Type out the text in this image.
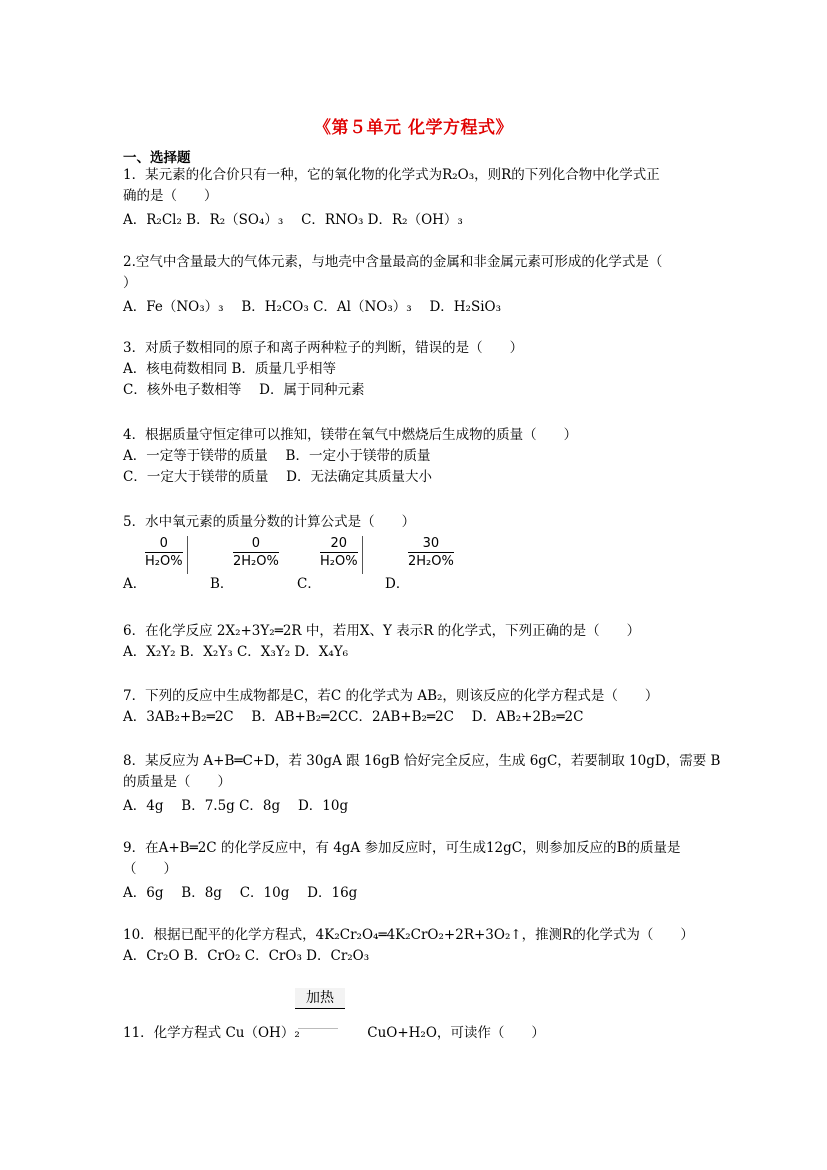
《第５单元 化学方程式》
一、选择题
1．某元素的化合价只有一种，它的氧化物的化学式为R₂O₃，则R的下列化合物中化学式正
确的是（　　）
A．R₂Cl₂ B．R₂（SO₄）₃　 C．RNO₃ D．R₂（OH）₃
2.空气中含量最大的气体元素，与地壳中含量最高的金属和非金属元素可形成的化学式是（
）
A．Fe（NO₃）₃　 B．H₂CO₃ C．Al（NO₃）₃　 D．H₂SiO₃
3．对质子数相同的原子和离子两种粒子的判断，错误的是（　　）
A．核电荷数相同 B．质量几乎相等
C．核外电子数相等　 D．属于同种元素
4．根据质量守恒定律可以推知，镁带在氧气中燃烧后生成物的质量（　　）
A．一定等于镁带的质量　 B．一定小于镁带的质量
C．一定大于镁带的质量　 D．无法确定其质量大小
5．水中氧元素的质量分数的计算公式是（　　）
$\frac{0}{\text{H₂O\%}}$	$\frac{0}{\text{2H₂O\%}}$	$\frac{20}{\text{H₂O\%}}$	$\frac{30}{\text{2H₂O\%}}$
A．	B．	C．	D．
6．在化学反应 2X₂+3Y₂═2R 中，若用X、Y 表示R 的化学式，下列正确的是（　　）
A．X₂Y₂ B．X₂Y₃ C．X₃Y₂ D．X₄Y₆
7．下列的反应中生成物都是C，若C 的化学式为 AB₂，则该反应的化学方程式是（　　）
A．3AB₂+B₂═2C　 B．AB+B₂═2CC．2AB+B₂═2C　 D．AB₂+2B₂═2C
8．某反应为 A+B═C+D，若 30gA 跟 16gB 恰好完全反应，生成 6gC，若要制取 10gD，需要 B
的质量是（　　）
A．4g　 B．7.5g C．8g　 D．10g
9．在A+B═2C 的化学反应中，有 4gA 参加反应时，可生成12gC，则参加反应的B的质量是
（　　）
A．6g　 B．8g　 C．10g　 D．16g
10．根据已配平的化学方程式，4K₂Cr₂O₄═4K₂CrO₂+2R+3O₂↑，推测R的化学式为（　　）
A．Cr₂O B．CrO₂ C．CrO₃ D．Cr₂O₃
加热
11．化学方程式 Cu（OH）₂　　　　　CuO+H₂O，可读作（　　）
